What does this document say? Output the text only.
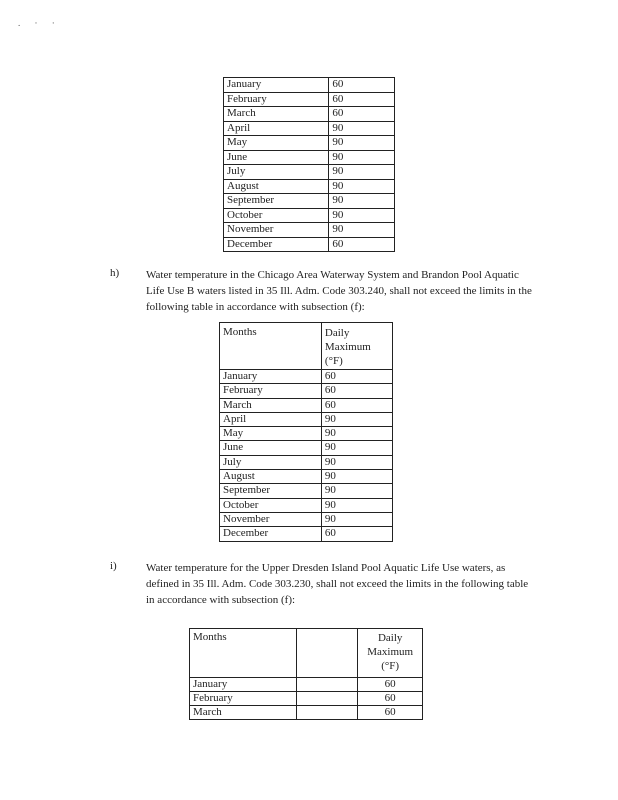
. · ·
January	60
February	60
March	60
April	90
May	90
June	90
July	90
August	90
September	90
October	90
November	90
December	60
h) Water temperature in the Chicago Area Waterway System and Brandon Pool Aquatic Life Use B waters listed in 35 Ill. Adm. Code 303.240, shall not exceed the limits in the following table in accordance with subsection (f):
Months	Daily Maximum (°F)
January	60
February	60
March	60
April	90
May	90
June	90
July	90
August	90
September	90
October	90
November	90
December	60
i)	Water temperature for the Upper Dresden Island Pool Aquatic Life Use waters, as defined in 35 Ill. Adm. Code 303.230, shall not exceed the limits in the following table in accordance with subsection (f):
Months		Daily Maximum (°F)
January		60
February		60
March		60
